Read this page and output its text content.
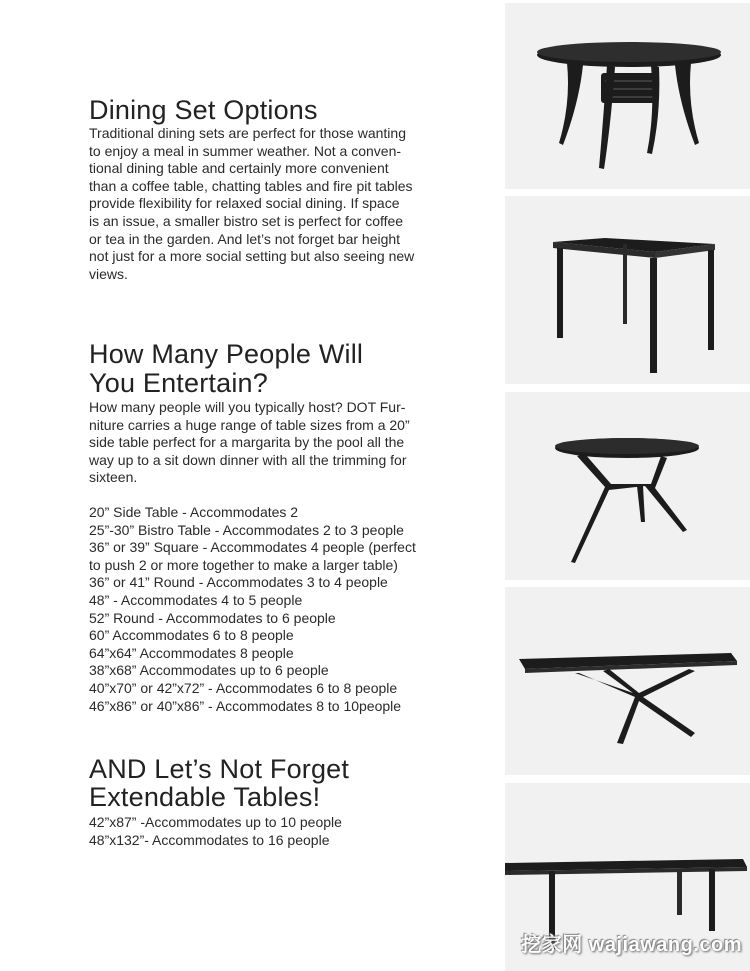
Dining Set Options

Traditional dining sets are perfect for those wanting
to enjoy a meal in summer weather. Not a conven-
tional dining table and certainly more convenient
than a coffee table, chatting tables and fire pit tables
provide flexibility for relaxed social dining. If space
is an issue, a smaller bistro set is perfect for coffee
or tea in the garden. And let’s not forget bar height
not just for a more social setting but also seeing new
views.

How Many People Will
You Entertain?

How many people will you typically host? DOT Fur-
niture carries a huge range of table sizes from a 20”
side table perfect for a margarita by the pool all the
way up to a sit down dinner with all the trimming for
sixteen.

20” Side Table - Accommodates 2
25”-30” Bistro Table - Accommodates 2 to 3 people
36” or 39” Square - Accommodates 4 people (perfect
to push 2 or more together to make a larger table)
36” or 41” Round - Accommodates 3 to 4 people
48” - Accommodates 4 to 5 people
52” Round - Accommodates to 6 people
60” Accommodates 6 to 8 people
64”x64” Accommodates 8 people
38”x68” Accommodates up to 6 people
40”x70” or 42”x72” - Accommodates 6 to 8 people
46”x86” or 40”x86” - Accommodates 8 to 10people
AND Let’s Not Forget
Extendable Tables!
42”x87” -Accommodates up to 10 people
48”x132”- Accommodates to 16 people
挖家网 wajiawang.com
